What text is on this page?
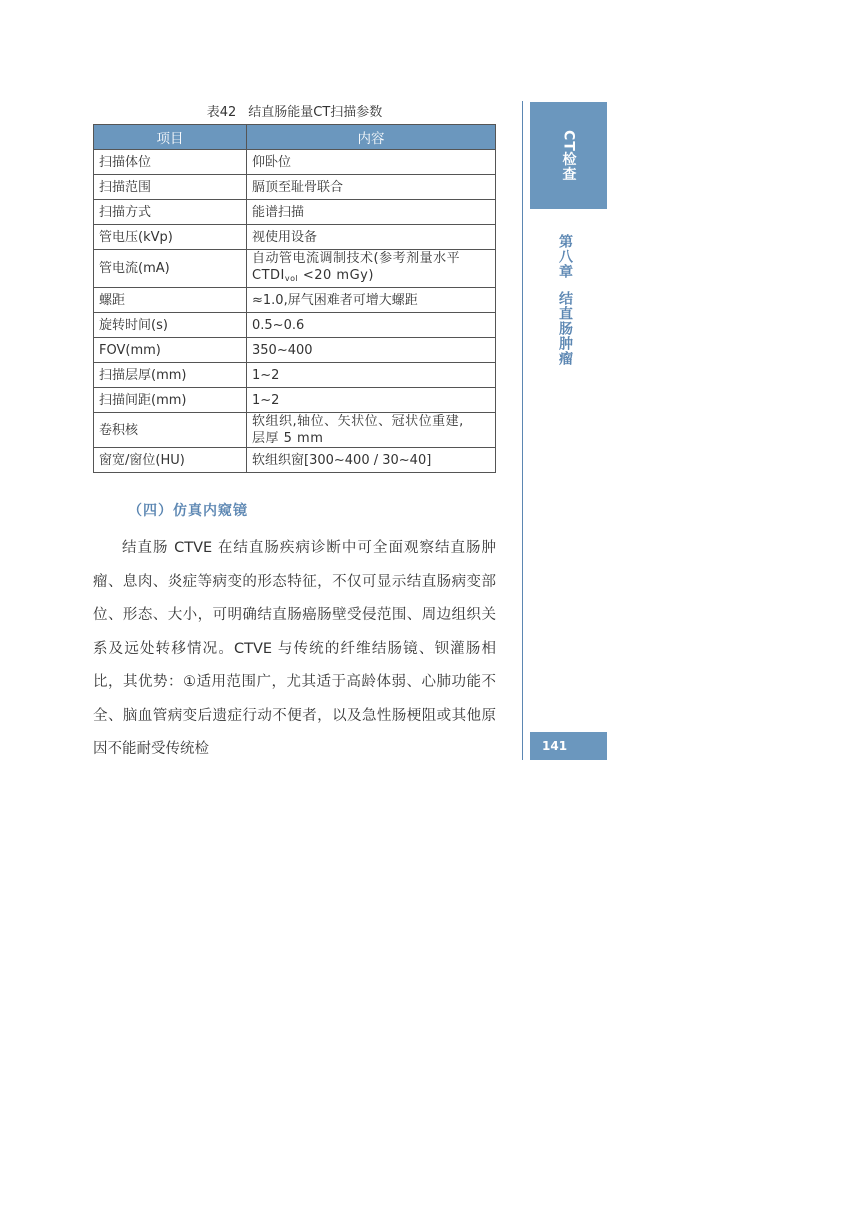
表42 结直肠能量CT扫描参数
项目	内容
扫描体位	仰卧位
扫描范围	膈顶至耻骨联合
扫描方式	能谱扫描
管电压(kVp)	视使用设备
管电流(mA)	自动管电流调制技术(参考剂量水平
$CTDI_{vol} <20$ mGy)
螺距	≈1.0,屏气困难者可增大螺距
旋转时间(s)	0.5~0.6
FOV(mm)	350~400
扫描层厚(mm)	1~2
扫描间距(mm)	1~2
卷积核	软组织,轴位、矢状位、冠状位重建,
层厚 5 mm
窗宽/窗位(HU)	软组织窗[300~400 / 30~40]
（四）仿真内窥镜

结直肠 CTVE 在结直肠疾病诊断中可全面观察结直肠肿瘤、息肉、炎症等病变的形态特征，不仅可显示结直肠病变部位、形态、大小，可明确结直肠癌肠壁受侵范围、周边组织关系及远处转移情况。CTVE 与传统的纤维结肠镜、钡灌肠相比，其优势：①适用范围广，尤其适于高龄体弱、心肺功能不全、脑血管病变后遗症行动不便者，以及急性肠梗阻或其他原因不能耐受传统检

CT检查
第八章结直肠肿瘤
141
